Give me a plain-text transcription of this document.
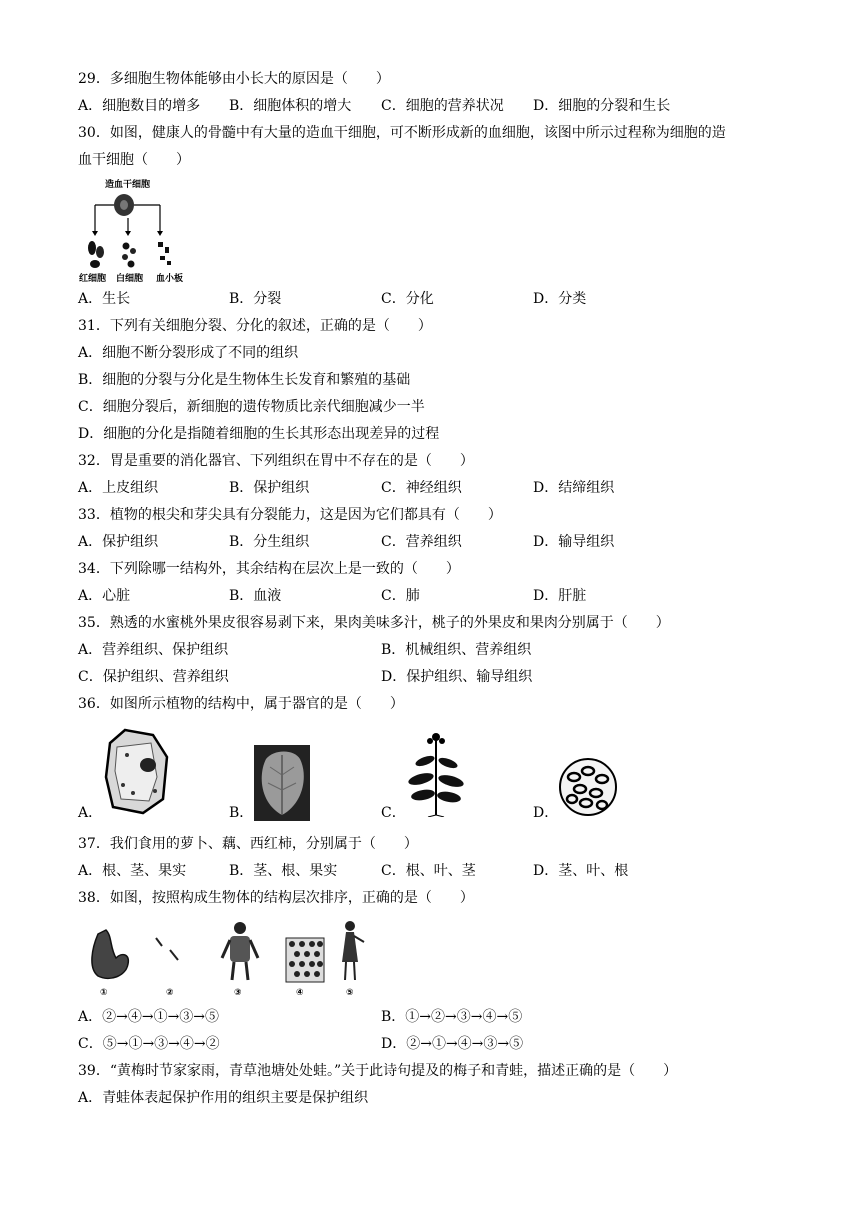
29．多细胞生物体能够由小长大的原因是（　　）
A．细胞数目的增多 B．细胞体积的增大 C．细胞的营养状况 D．细胞的分裂和生长
30．如图，健康人的骨髓中有大量的造血干细胞，可不断形成新的血细胞，该图中所示过程称为细胞的造
血干细胞（　　）
造血干细胞
红细胞 白细胞 血小板
A．生长	B．分裂	C．分化	D．分类
31．下列有关细胞分裂、分化的叙述，正确的是（　　）
A．细胞不断分裂形成了不同的组织
B．细胞的分裂与分化是生物体生长发育和繁殖的基础
C．细胞分裂后，新细胞的遗传物质比亲代细胞减少一半
D．细胞的分化是指随着细胞的生长其形态出现差异的过程
32．胃是重要的消化器官、下列组织在胃中不存在的是（　　）
A．上皮组织	B．保护组织	C．神经组织	D．结缔组织
33．植物的根尖和芽尖具有分裂能力，这是因为它们都具有（　　）
A．保护组织	B．分生组织	C．营养组织	D．输导组织
34．下列除哪一结构外，其余结构在层次上是一致的（　　）
A．心脏	B．血液	C．肺	D．肝脏
35．熟透的水蜜桃外果皮很容易剥下来，果肉美味多汁，桃子的外果皮和果肉分别属于（　　）
A．营养组织、保护组织	B．机械组织、营养组织
C．保护组织、营养组织	D．保护组织、输导组织
36．如图所示植物的结构中，属于器官的是（　　）
A．	B．	C．	D．
37．我们食用的萝卜、藕、西红柿，分别属于（　　）
A．根、茎、果实	B．茎、根、果实	C．根、叶、茎	D．茎、叶、根
38．如图，按照构成生物体的结构层次排序，正确的是（　　）
①	②	③	④	⑤
A．②→④→①→③→⑤	B．①→②→③→④→⑤
C．⑤→①→③→④→②	D．②→①→④→③→⑤
39．“黄梅时节家家雨，青草池塘处处蛙。”关于此诗句提及的梅子和青蛙，描述正确的是（　　）
A．青蛙体表起保护作用的组织主要是保护组织
